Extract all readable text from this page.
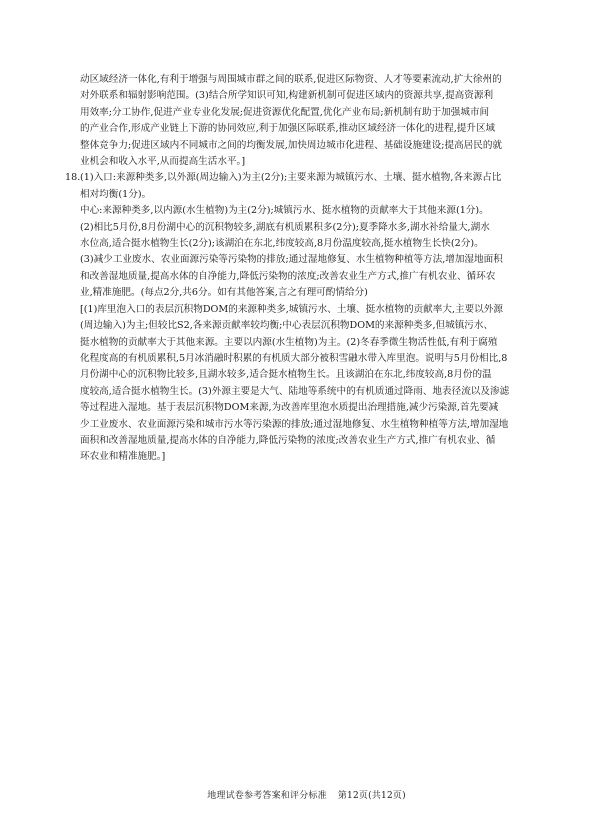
动区域经济一体化,有利于增强与周围城市群之间的联系,促进区际物资、人才等要素流动,扩大徐州的

对外联系和辐射影响范围。(3)结合所学知识可知,构建新机制可促进区域内的资源共享,提高资源利

用效率;分工协作,促进产业专业化发展;促进资源优化配置,优化产业布局;新机制有助于加强城市间

的产业合作,形成产业链上下游的协同效应,利于加强区际联系,推动区域经济一体化的进程,提升区域

整体竞争力;促进区域内不同城市之间的均衡发展,加快周边城市化进程、基础设施建设;提高居民的就

业机会和收入水平,从而提高生活水平。]

18. (1)入口:来源种类多,以外源(周边输入)为主(2分);主要来源为城镇污水、土壤、挺水植物,各来源占比

相对均衡(1分)。

中心:来源种类多,以内源(水生植物)为主(2分);城镇污水、挺水植物的贡献率大于其他来源(1分)。

(2)相比5月份,8月份湖中心的沉积物较多,湖底有机质累积多(2分);夏季降水多,湖水补给量大,湖水

水位高,适合挺水植物生长(2分);该湖泊在东北,纬度较高,8月份温度较高,挺水植物生长快(2分)。

(3)减少工业废水、农业面源污染等污染物的排放;通过湿地修复、水生植物种植等方法,增加湿地面积

和改善湿地质量,提高水体的自净能力,降低污染物的浓度;改善农业生产方式,推广有机农业、循环农

业,精准施肥。(每点2分,共6分。如有其他答案,言之有理可酌情给分)

[(1)库里泡入口的表层沉积物DOM的来源种类多,城镇污水、土壤、挺水植物的贡献率大,主要以外源

(周边输入)为主;但较比S2,各来源贡献率较均衡;中心表层沉积物DOM的来源种类多,但城镇污水、

挺水植物的贡献率大于其他来源。主要以内源(水生植物)为主。(2)冬春季微生物活性低,有利于腐殖

化程度高的有机质累积,5月冰消融时积累的有机质大部分被积雪融水带入库里泡。说明与5月份相比,8

月份湖中心的沉积物比较多,且湖水较多,适合挺水植物生长。且该湖泊在东北,纬度较高,8月份的温

度较高,适合挺水植物生长。(3)外源主要是大气、陆地等系统中的有机质通过降雨、地表径流以及渗滤

等过程进入湿地。基于表层沉积物DOM来源,为改善库里泡水质提出治理措施,减少污染源,首先要减

少工业废水、农业面源污染和城市污水等污染源的排放;通过湿地修复、水生植物种植等方法,增加湿地

面积和改善湿地质量,提高水体的自净能力,降低污染物的浓度;改善农业生产方式,推广有机农业、循

环农业和精准施肥。]

地理试卷参考答案和评分标准 第12页(共12页)
